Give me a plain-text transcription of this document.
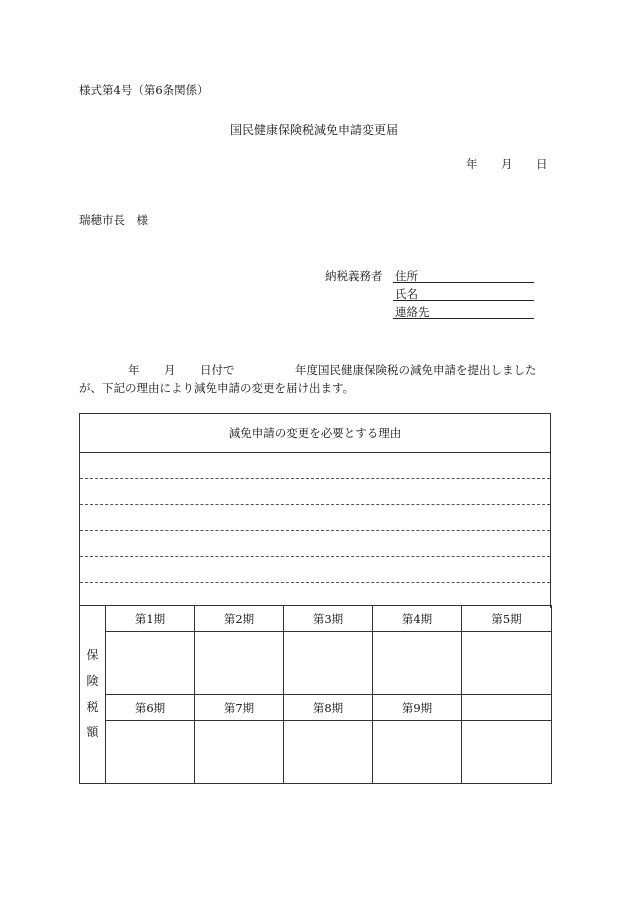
様式第4号（第6条関係）
国民健康保険税減免申請変更届
年 月 日
瑞穂市長　様
納税義務者 住所
氏名
連絡先
年 月 日付で	年度国民健康保険税の減免申請を提出しました
が、下記の理由により減免申請の変更を届け出ます。
減免申請の変更を必要とする理由

保
険
税
額	第1期	第2期	第3期	第4期	第5期

	第6期	第7期	第8期	第9期	
